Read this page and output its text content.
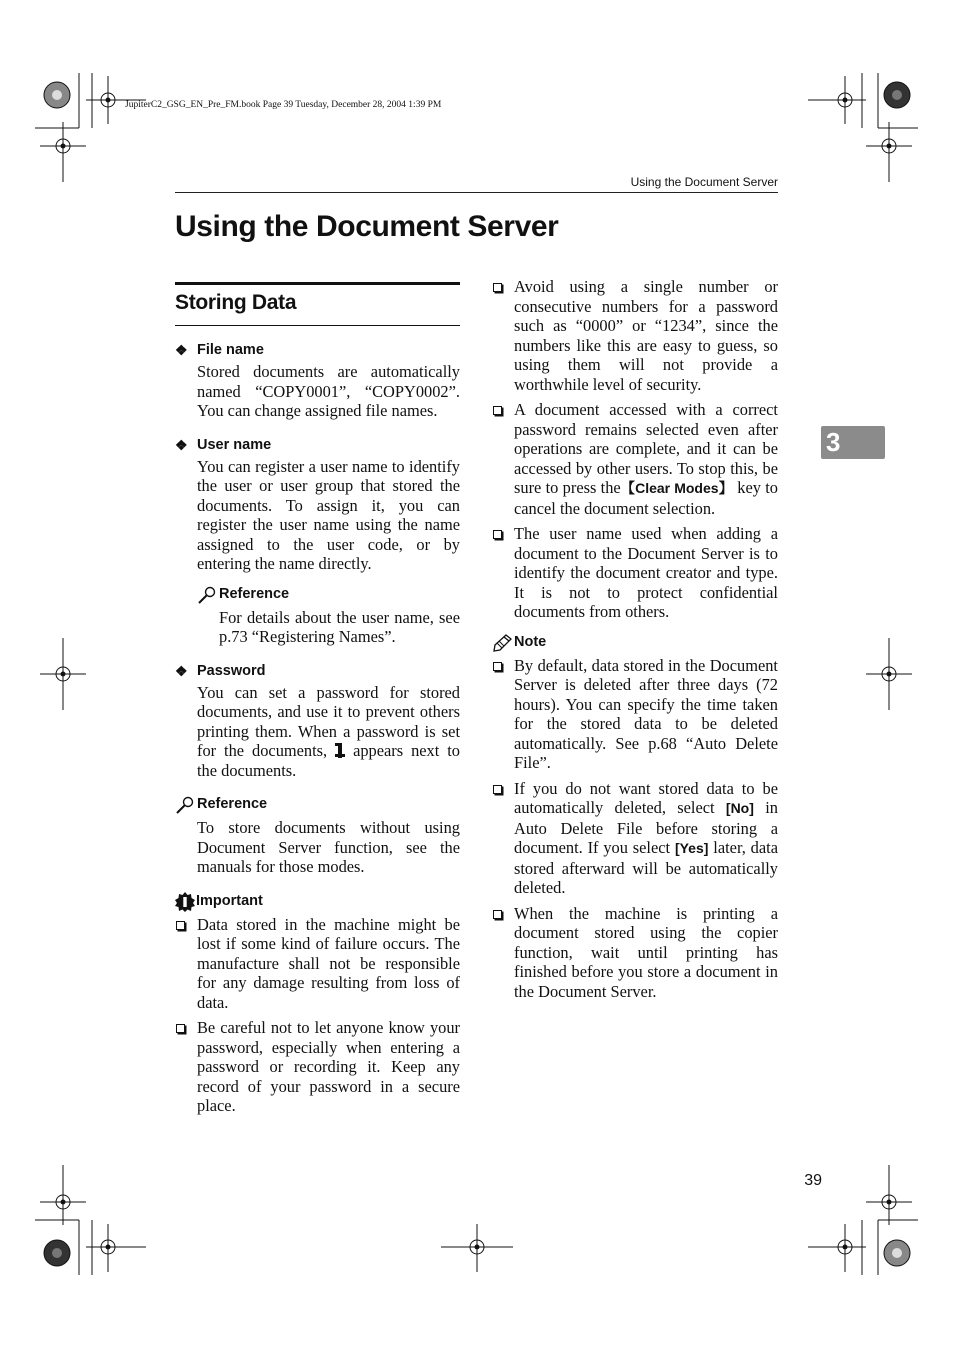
JupiterC2_GSG_EN_Pre_FM.book Page 39 Tuesday, December 28, 2004 1:39 PM
Using the Document Server
Using the Document Server
Storing Data
❖ File name
Stored documents are automatically named “COPY0001”, “COPY0002”. You can change assigned file names.
❖ User name
You can register a user name to identify the user or user group that stored the documents. To assign it, you can register the user name using the name assigned to the user code, or by entering the name directly.
Reference
For details about the user name, see p.73 “Registering Names”.
❖ Password
You can set a password for stored documents, and use it to prevent others printing them. When a password is set for the documents, appears next to the documents.
Reference
To store documents without using Document Server function, see the manuals for those modes.
Important
Data stored in the machine might be lost if some kind of failure occurs. The manufacture shall not be responsible for any damage resulting from loss of data.
Be careful not to let anyone know your password, especially when entering a password or recording it. Keep any record of your password in a secure place.
Avoid using a single number or consecutive numbers for a password such as “0000” or “1234”, since the numbers like this are easy to guess, so using them will not provide a worthwhile level of security.
A document accessed with a correct password remains selected even after operations are complete, and it can be accessed by other users. To stop this, be sure to press the【Clear Modes】 key to cancel the document selection.
The user name used when adding a document to the Document Server is to identify the document creator and type. It is not to protect confidential documents from others.
Note
By default, data stored in the Document Server is deleted after three days (72 hours). You can specify the time taken for the stored data to be deleted automatically. See p.68 “Auto Delete File”.
If you do not want stored data to be automatically deleted, select [No] in Auto Delete File before storing a document. If you select [Yes] later, data stored afterward will be automatically deleted.
When the machine is printing a document stored using the copier function, wait until printing has finished before you store a document in the Document Server.
3
39
